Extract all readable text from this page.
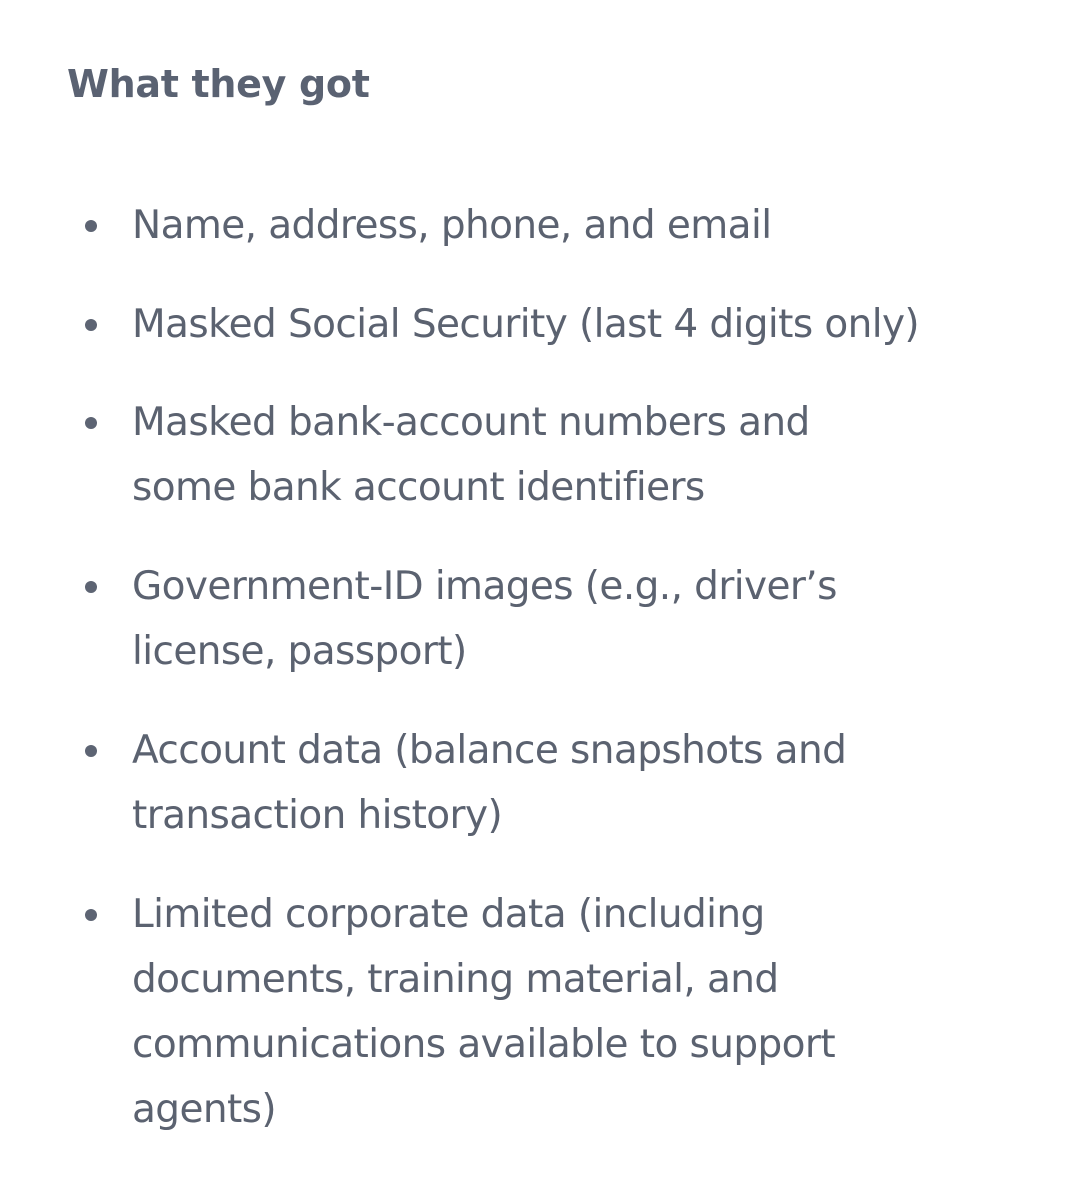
What they got
Name, address, phone, and email
Masked Social Security (last 4 digits only)
Masked bank-account numbers and
some bank account identifiers
Government-ID images (e.g., driver’s
license, passport)
Account data (balance snapshots and
transaction history)
Limited corporate data (including
documents, training material, and
communications available to support
agents)
